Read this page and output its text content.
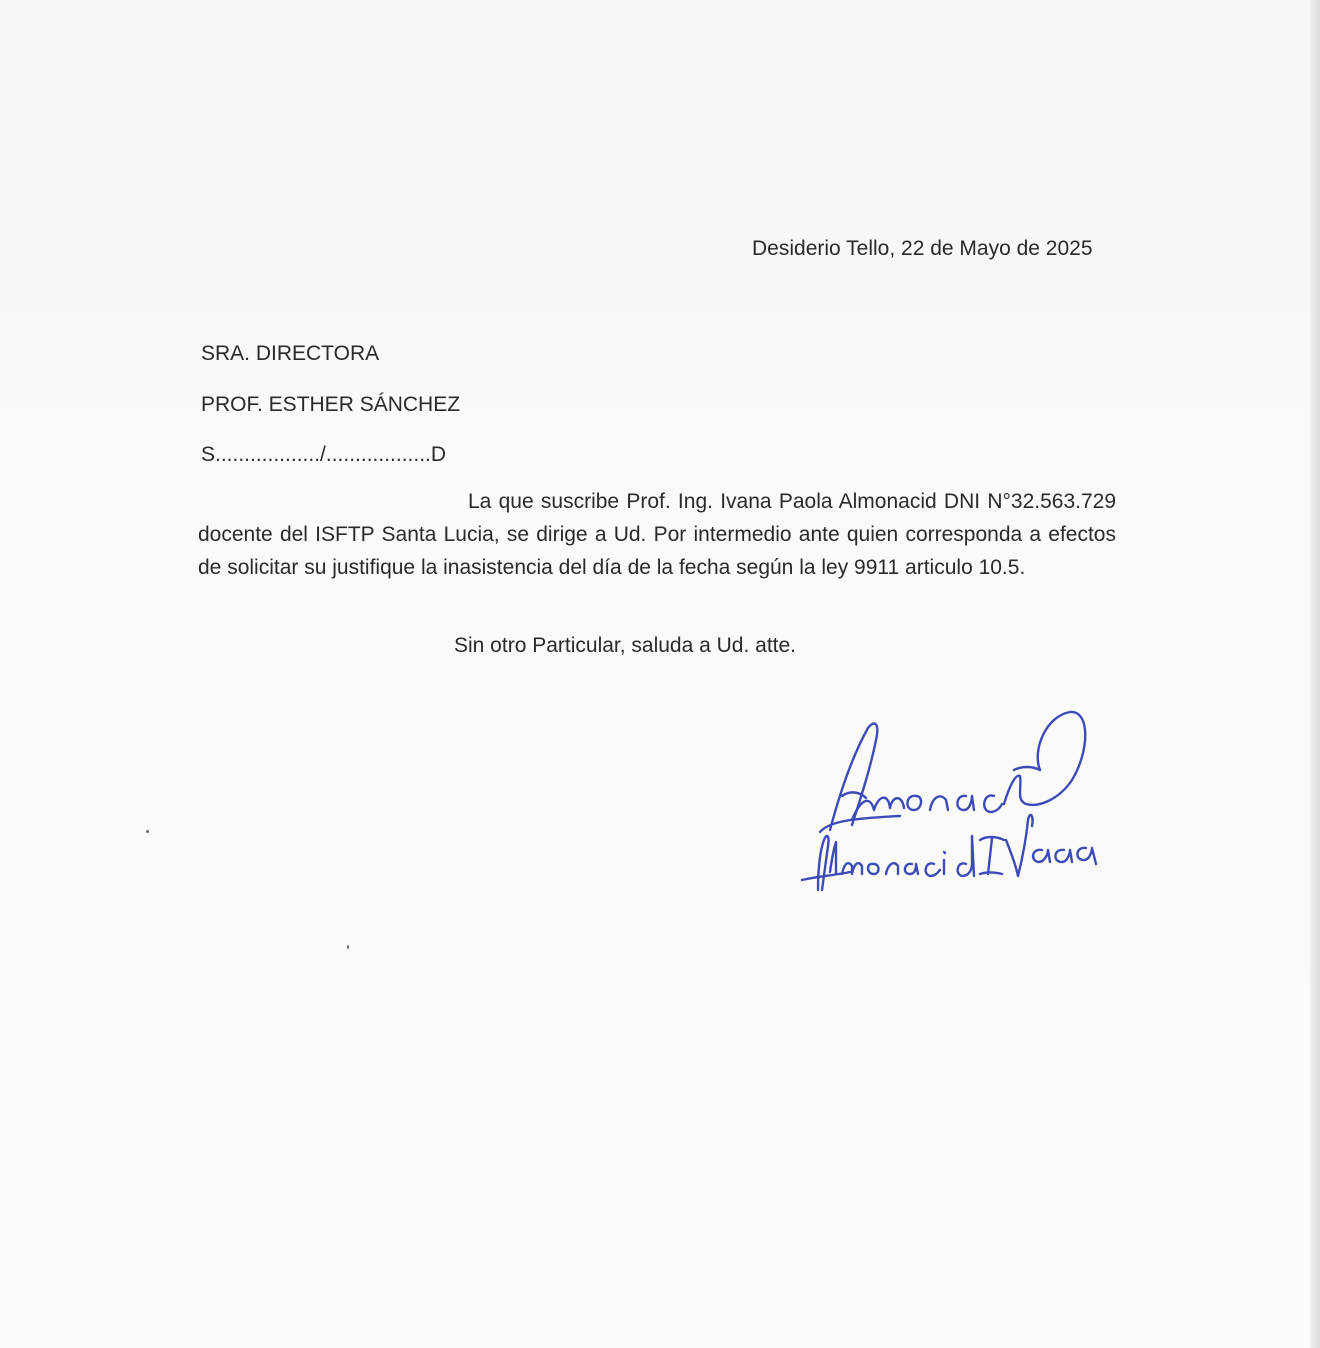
Desiderio Tello, 22 de Mayo de 2025
SRA. DIRECTORA
PROF. ESTHER SÁNCHEZ
S................../..................D

La que suscribe Prof. Ing. Ivana Paola Almonacid DNI N°32.563.729 docente del ISFTP Santa Lucia, se dirige a Ud. Por intermedio ante quien corresponda a efectos de solicitar su justifique la inasistencia del día de la fecha según la ley 9911 articulo 10.5.

Sin otro Particular, saluda a Ud. atte.
